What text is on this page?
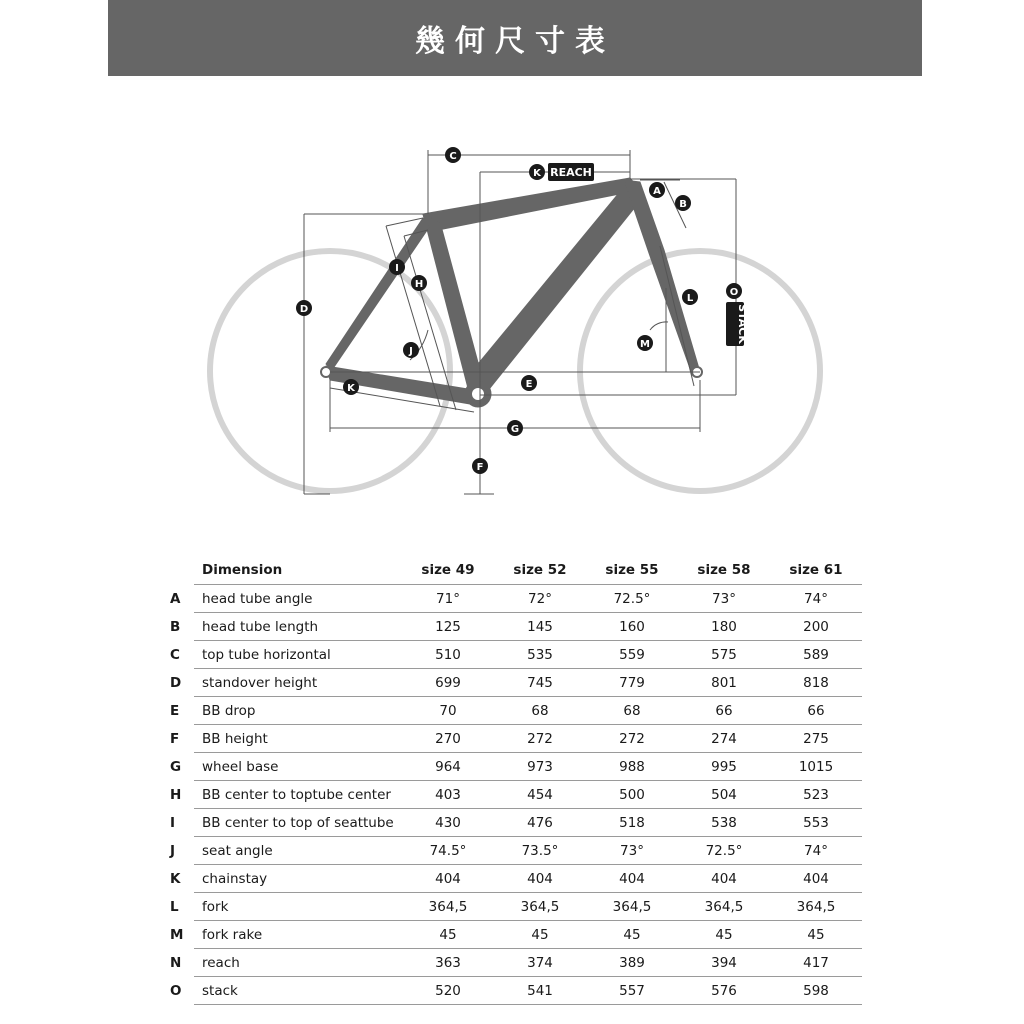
幾何尺寸表
C
K REACH
A
B
O
STACK
I
H
D
L
M
J
K	E
G
F
	Dimension	size 49	size 52	size 55	size 58	size 61
A	head tube angle	71°	72°	72.5°	73°	74°
B	head tube length	125	145	160	180	200
C	top tube horizontal	510	535	559	575	589
D	standover height	699	745	779	801	818
E	BB drop	70	68	68	66	66
F	BB height	270	272	272	274	275
G	wheel base	964	973	988	995	1015
H	BB center to toptube center	403	454	500	504	523
I	BB center to top of seattube	430	476	518	538	553
J	seat angle	74.5°	73.5°	73°	72.5°	74°
K	chainstay	404	404	404	404	404
L	fork	364,5	364,5	364,5	364,5	364,5
M	fork rake	45	45	45	45	45
N	reach	363	374	389	394	417
O	stack	520	541	557	576	598
